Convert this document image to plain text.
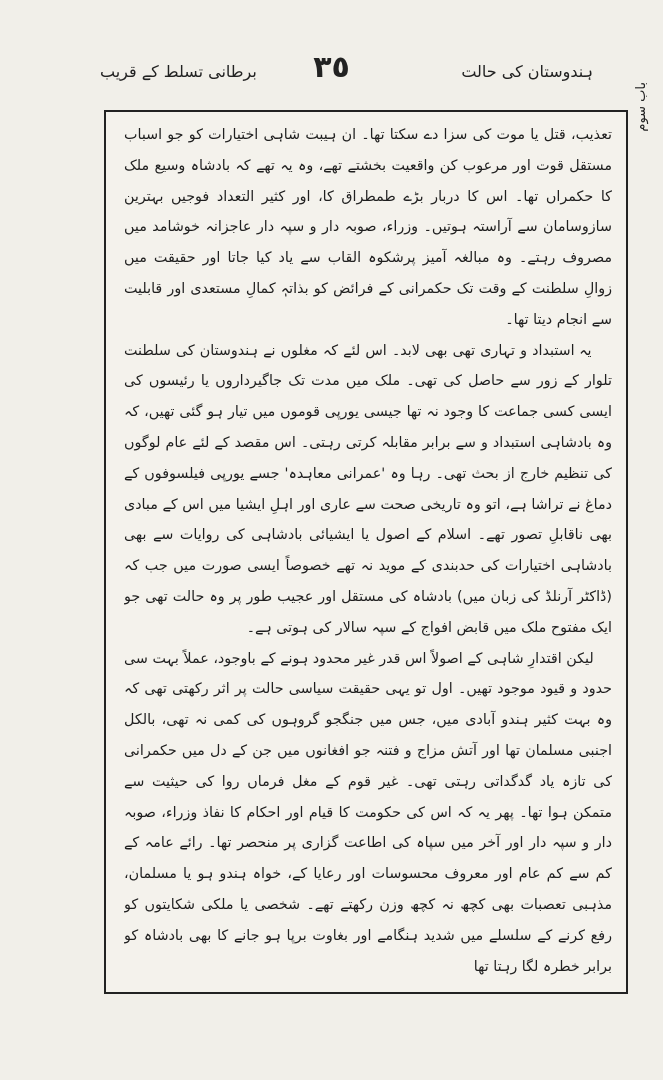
ہندوستان کی حالت
٣٥
برطانی تسلط کے قریب
باب سوم

تعذیب، قتل یا موت کی سزا دے سکتا تھا۔ ان ہیبت شاہی اختیارات کو جو اسباب مستقل قوت اور مرعوب کن واقعیت بخشتے تھے، وہ یہ تھے کہ بادشاہ وسیع ملک کا حکمراں تھا۔ اس کا دربار بڑے طمطراق کا، اور کثیر التعداد فوجیں بہترین سازوسامان سے آراستہ ہوتیں۔ وزراء، صوبہ دار و سپہ دار عاجزانہ خوشامد میں مصروف رہتے۔ وہ مبالغہ آمیز پرشکوہ القاب سے یاد کیا جاتا اور حقیقت میں زوالِ سلطنت کے وقت تک حکمرانی کے فرائض کو بذاتہٖ کمالِ مستعدی اور قابلیت سے انجام دیتا تھا۔

یہ استبداد و تہاری تھی بھی لابد۔ اس لئے کہ مغلوں نے ہندوستان کی سلطنت تلوار کے زور سے حاصل کی تھی۔ ملک میں مدت تک جاگیرداروں یا رئیسوں کی ایسی کسی جماعت کا وجود نہ تھا جیسی یورپی قوموں میں تیار ہو گئی تھیں، کہ وہ بادشاہی استبداد و سے برابر مقابلہ کرتی رہتی۔ اس مقصد کے لئے عام لوگوں کی تنظیم خارج از بحث تھی۔ رہا وہ 'عمرانی معاہدہ' جسے یورپی فیلسوفوں کے دماغ نے تراشا ہے، اتو وہ تاریخی صحت سے عاری اور اہلِ ایشیا میں اس کے مبادی بھی ناقابلِ تصور تھے۔ اسلام کے اصول یا ایشیائی بادشاہی کی روایات سے بھی بادشاہی اختیارات کی حدبندی کے موید نہ تھے خصوصاً ایسی صورت میں جب کہ (ڈاکٹر آرنلڈ کی زبان میں) بادشاہ کی مستقل اور عجیب طور پر وہ حالت تھی جو ایک مفتوح ملک میں قابض افواج کے سپہ سالار کی ہوتی ہے۔

لیکن اقتدارِ شاہی کے اصولاً اس قدر غیر محدود ہونے کے باوجود، عملاً بہت سی حدود و قیود موجود تھیں۔ اول تو یہی حقیقت سیاسی حالت پر اثر رکھتی تھی کہ وہ بہت کثیر ہندو آبادی میں، جس میں جنگجو گروہوں کی کمی نہ تھی، بالکل اجنبی مسلمان تھا اور آتش مزاج و فتنہ جو افغانوں میں جن کے دل میں حکمرانی کی تازہ یاد گدگداتی رہتی تھی۔ غیر قوم کے مغل فرماں روا کی حیثیت سے متمکن ہوا تھا۔ پھر یہ کہ اس کی حکومت کا قیام اور احکام کا نفاذ وزراء، صوبہ دار و سپہ دار اور آخر میں سپاہ کی اطاعت گزاری پر منحصر تھا۔ رائے عامہ کے کم سے کم عام اور معروف محسوسات اور رعایا کے، خواہ ہندو ہو یا مسلمان، مذہبی تعصبات بھی کچھ نہ کچھ وزن رکھتے تھے۔ شخصی یا ملکی شکایتوں کو رفع کرنے کے سلسلے میں شدید ہنگامے اور بغاوت برپا ہو جانے کا بھی بادشاہ کو برابر خطرہ لگا رہتا تھا
